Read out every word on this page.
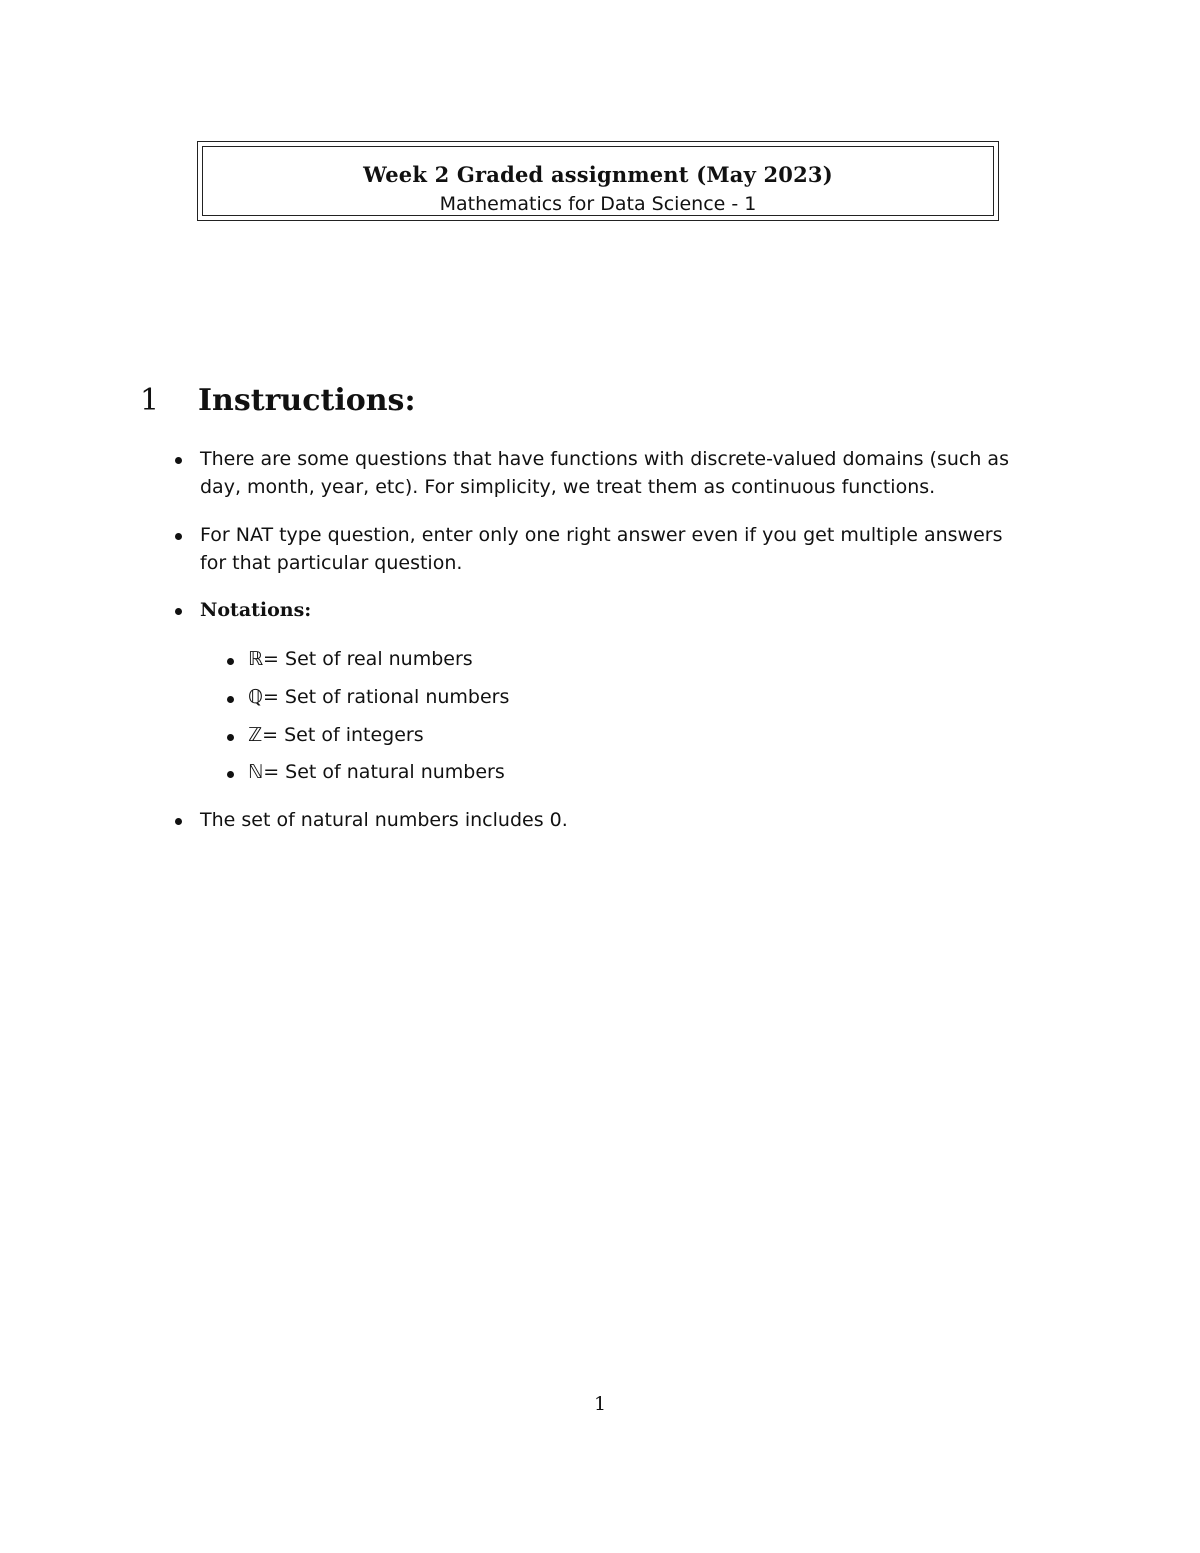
Week 2 Graded assignment (May 2023)
Mathematics for Data Science - 1
1 Instructions:
There are some questions that have functions with discrete-valued domains (such as
day, month, year, etc). For simplicity, we treat them as continuous functions.
For NAT type question, enter only one right answer even if you get multiple answers
for that particular question.
Notations:
ℝ= Set of real numbers
ℚ= Set of rational numbers
ℤ= Set of integers
ℕ= Set of natural numbers
The set of natural numbers includes 0.
1
